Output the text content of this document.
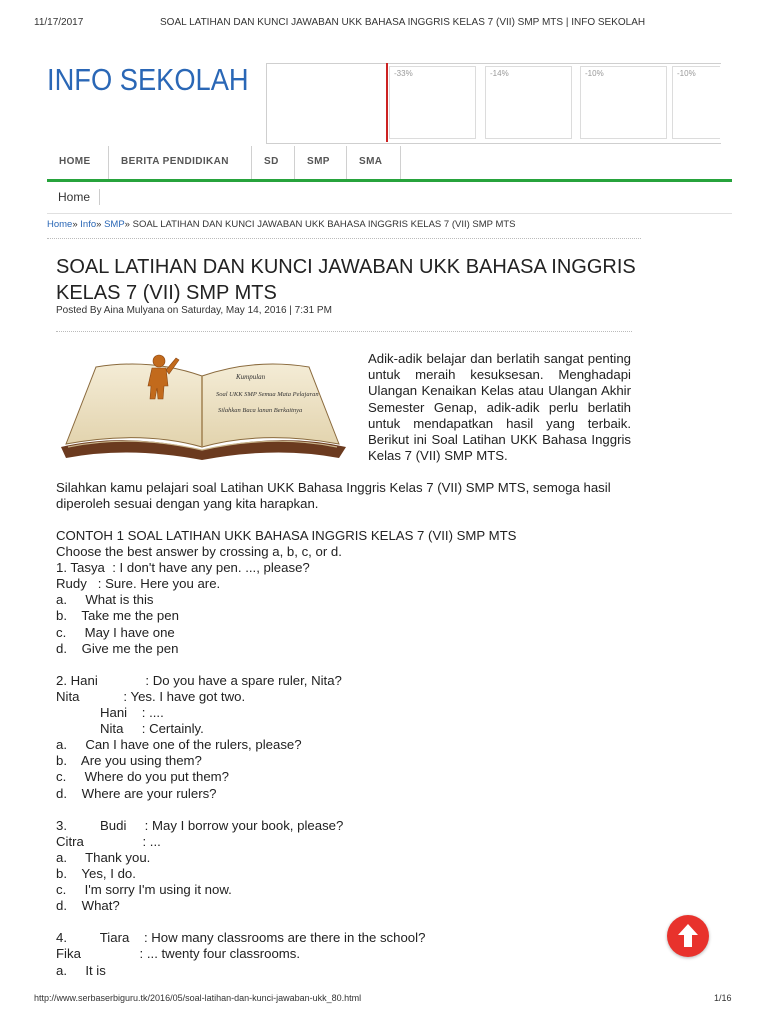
11/17/2017	SOAL LATIHAN DAN KUNCI JAWABAN UKK BAHASA INGGRIS KELAS 7 (VII) SMP MTS | INFO SEKOLAH
INFO SEKOLAH	-33%	-14%	-10%	-10%
HOME	BERITA PENDIDIKAN	SD	SMP	SMA
Home
Home» Info» SMP» SOAL LATIHAN DAN KUNCI JAWABAN UKK BAHASA INGGRIS KELAS 7 (VII) SMP MTS
SOAL LATIHAN DAN KUNCI JAWABAN UKK BAHASA INGGRIS KELAS 7 (VII) SMP MTS
Posted By Aina Mulyana on Saturday, May 14, 2016 | 7:31 PM
Kumpulan
Soal UKK SMP Semua Mata Pelajaran
Silahkan Baca lanan Berkaitnya
Adik-adik belajar dan berlatih sangat penting untuk meraih kesuksesan. Menghadapi Ulangan Kenaikan Kelas atau Ulangan Akhir Semester Genap, adik-adik perlu berlatih untuk mendapatkan hasil yang terbaik. Berikut ini Soal Latihan UKK Bahasa Inggris Kelas 7 (VII) SMP MTS.
Silahkan kamu pelajari soal Latihan UKK Bahasa Inggris Kelas 7 (VII) SMP MTS, semoga hasil diperoleh sesuai dengan yang kita harapkan.
CONTOH 1 SOAL LATIHAN UKK BAHASA INGGRIS KELAS 7 (VII) SMP MTS
Choose the best answer by crossing a, b, c, or d.
1. Tasya  : I don't have any pen. ..., please?
Rudy   : Sure. Here you are.
a.     What is this
b.    Take me the pen
c.     May I have one
d.    Give me the pen
2. Hani             : Do you have a spare ruler, Nita?
Nita            : Yes. I have got two.
Hani    : ....
Nita     : Certainly.
a.     Can I have one of the rulers, please?
b.    Are you using them?
c.     Where do you put them?
d.    Where are your rulers?
3.         Budi     : May I borrow your book, please?
Citra                : ...
a.     Thank you.
b.    Yes, I do.
c.     I'm sorry I'm using it now.
d.    What?
4.         Tiara    : How many classrooms are there in the school?
Fika                : ... twenty four classrooms.
a.     It is
http://www.serbaserbiguru.tk/2016/05/soal-latihan-dan-kunci-jawaban-ukk_80.html	1/16
